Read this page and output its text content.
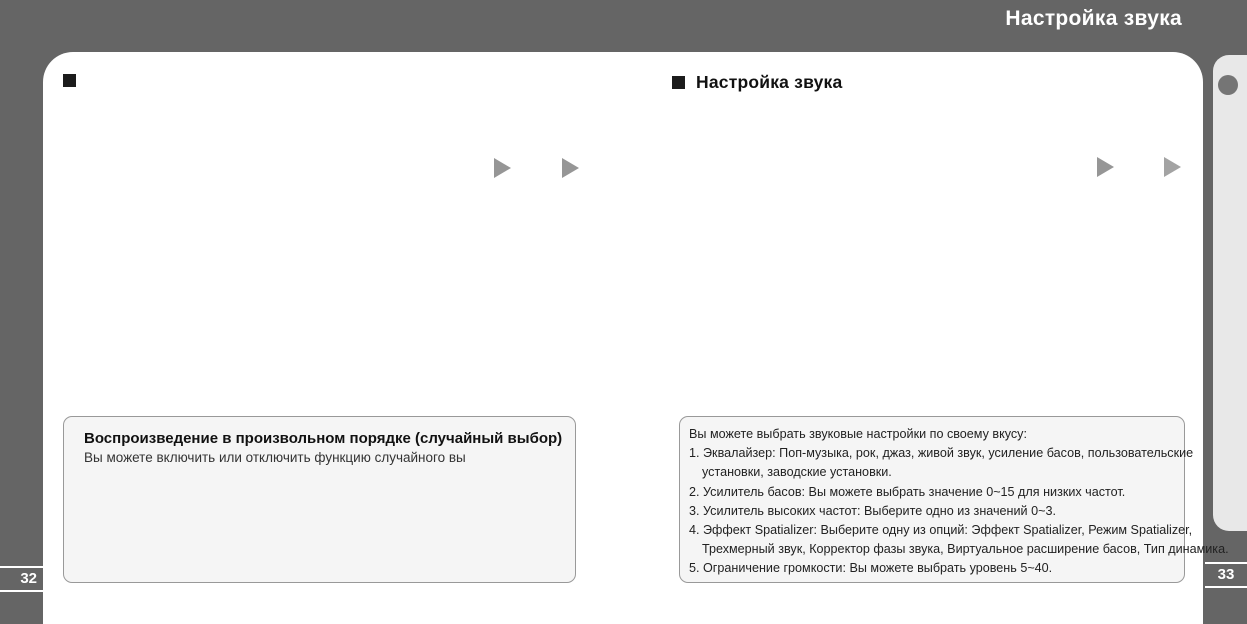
Настройка звука
Настройка звука
Воспроизведение в произвольном порядке (случайный выбор)
Вы можете включить или отключить функцию случайного вы
Вы можете выбрать звуковые настройки по своему вкусу:
1. Эквалайзер: Поп-музыка, рок, джаз, живой звук, усиление басов, пользовательские
установки, заводские установки.
2. Усилитель басов: Вы можете выбрать значение 0~15 для низких частот.
3. Усилитель высоких частот: Выберите одно из значений 0~3.
4. Эффект Spatializer: Выберите одну из опций: Эффект Spatializer, Режим Spatializer,
Трехмерный звук, Корректор фазы звука, Виртуальное расширение басов, Тип динамика.
5. Ограничение громкости: Вы можете выбрать уровень 5~40.
32	33
